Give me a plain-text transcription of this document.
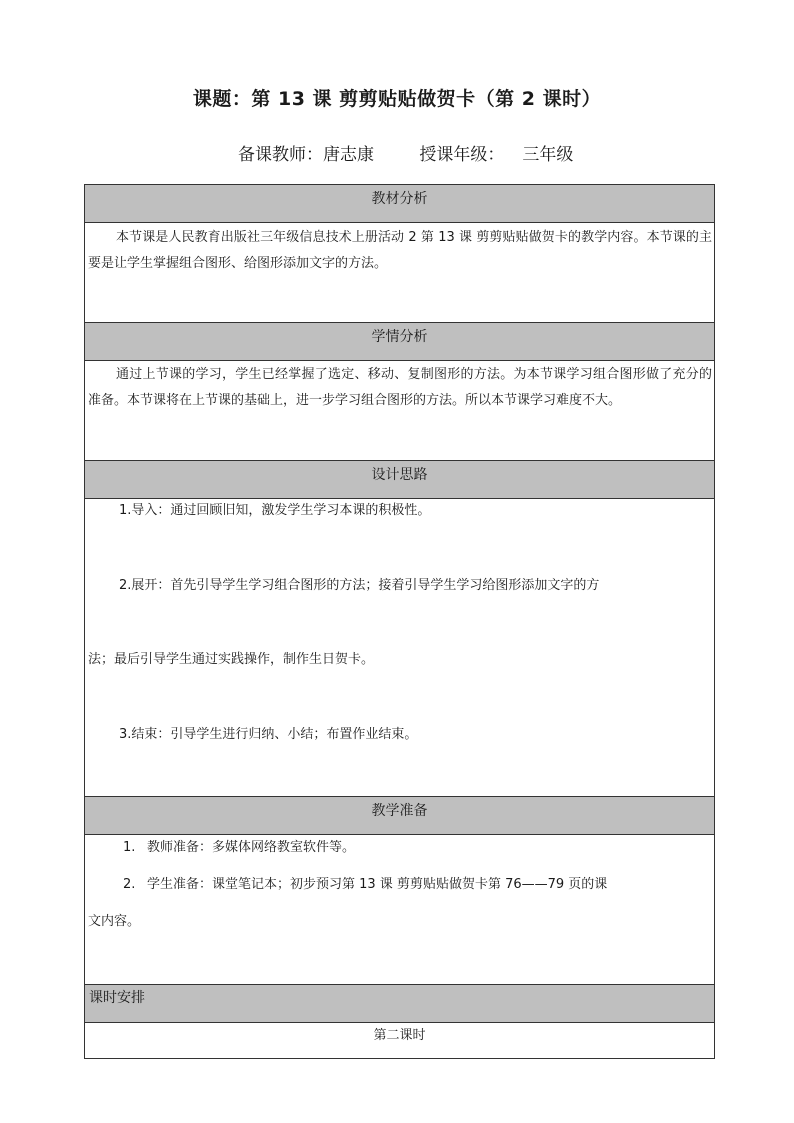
课题：第 13 课 剪剪贴贴做贺卡（第 2 课时）
备课教师：唐志康	授课年级： 三年级
教材分析
本节课是人民教育出版社三年级信息技术上册活动 2 第 13 课 剪剪贴贴做贺卡的教学内容。本节课的主要是让学生掌握组合图形、给图形添加文字的方法。
学情分析
通过上节课的学习，学生已经掌握了选定、移动、复制图形的方法。为本节课学习组合图形做了充分的准备。本节课将在上节课的基础上，进一步学习组合图形的方法。所以本节课学习难度不大。
设计思路
1.导入：通过回顾旧知，激发学生学习本课的积极性。
2.展开：首先引导学生学习组合图形的方法；接着引导学生学习给图形添加文字的方
法；最后引导学生通过实践操作，制作生日贺卡。
3.结束：引导学生进行归纳、小结；布置作业结束。
教学准备
1. 教师准备：多媒体网络教室软件等。
2. 学生准备：课堂笔记本；初步预习第 13 课 剪剪贴贴做贺卡第 76——79 页的课
文内容。
课时安排
第二课时
